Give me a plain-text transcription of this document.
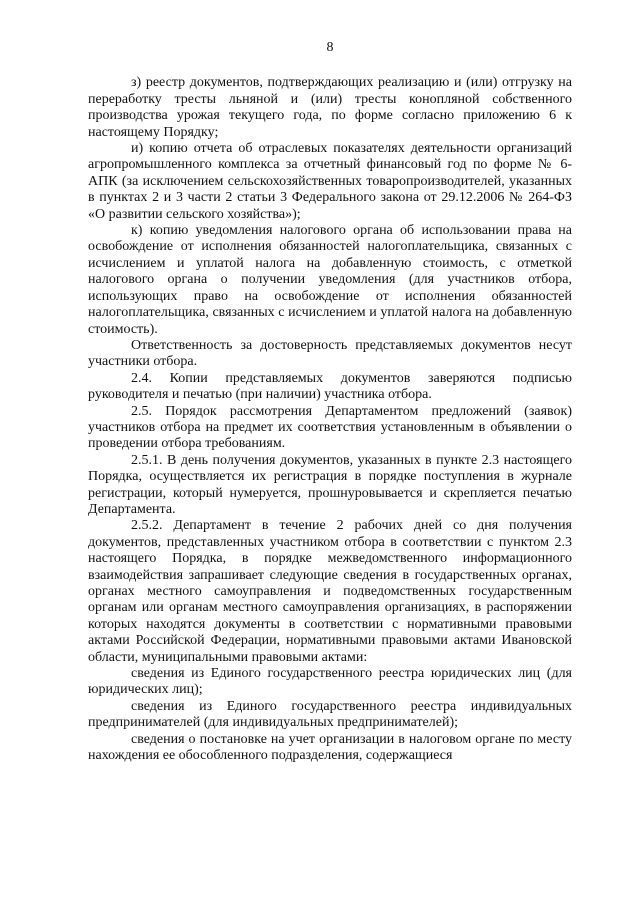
8

з) реестр документов, подтверждающих реализацию и (или) отгрузку на переработку тресты льняной и (или) тресты конопляной собственного производства урожая текущего года, по форме согласно приложению 6 к настоящему Порядку;

и) копию отчета об отраслевых показателях деятельности организаций агропромышленного комплекса за отчетный финансовый год по форме № 6-АПК (за исключением сельскохозяйственных товаропроизводителей, указанных в пунктах 2 и 3 части 2 статьи 3 Федерального закона от 29.12.2006 № 264-ФЗ «О развитии сельского хозяйства»);

к) копию уведомления налогового органа об использовании права на освобождение от исполнения обязанностей налогоплательщика, связанных с исчислением и уплатой налога на добавленную стоимость, с отметкой налогового органа о получении уведомления (для участников отбора, использующих право на освобождение от исполнения обязанностей налогоплательщика, связанных с исчислением и уплатой налога на добавленную стоимость).

Ответственность за достоверность представляемых документов несут участники отбора.

2.4. Копии представляемых документов заверяются подписью руководителя и печатью (при наличии) участника отбора.

2.5. Порядок рассмотрения Департаментом предложений (заявок) участников отбора на предмет их соответствия установленным в объявлении о проведении отбора требованиям.

2.5.1. В день получения документов, указанных в пункте 2.3 настоящего Порядка, осуществляется их регистрация в порядке поступления в журнале регистрации, который нумеруется, прошнуровывается и скрепляется печатью Департамента.

2.5.2. Департамент в течение 2 рабочих дней со дня получения документов, представленных участником отбора в соответствии с пунктом 2.3 настоящего Порядка, в порядке межведомственного информационного взаимодействия запрашивает следующие сведения в государственных органах, органах местного самоуправления и подведомственных государственным органам или органам местного самоуправления организациях, в распоряжении которых находятся документы в соответствии с нормативными правовыми актами Российской Федерации, нормативными правовыми актами Ивановской области, муниципальными правовыми актами:

сведения из Единого государственного реестра юридических лиц (для юридических лиц);

сведения из Единого государственного реестра индивидуальных предпринимателей (для индивидуальных предпринимателей);

сведения о постановке на учет организации в налоговом органе по месту нахождения ее обособленного подразделения, содержащиеся
